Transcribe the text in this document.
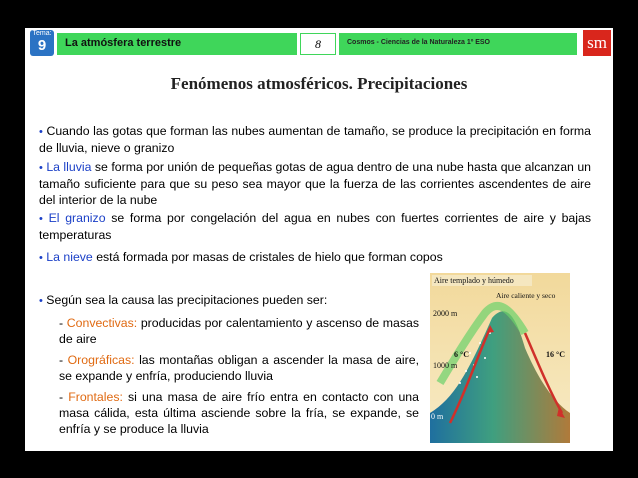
Tema:
9	La atmósfera terrestre	8	Cosmos - Ciencias de la Naturaleza 1º ESO	sm
Fenómenos atmosféricos. Precipitaciones
• Cuando las gotas que forman las nubes aumentan de tamaño, se produce la precipitación en forma de lluvia, nieve o granizo
• La lluvia se forma por unión de pequeñas gotas de agua dentro de una nube hasta que alcanzan un tamaño suficiente para que su peso sea mayor que la fuerza de las corrientes ascendentes de aire del interior de la nube
• El granizo se forma por congelación del agua en nubes con fuertes corrientes de aire y bajas temperaturas
• La nieve está formada por masas de cristales de hielo que forman copos
• Según sea la causa las precipitaciones pueden ser:
- Convectivas: producidas por calentamiento y ascenso de masas de aire
- Orográficas: las montañas obligan a ascender la masa de aire, se expande y enfría, produciendo lluvia
- Frontales: si una masa de aire frío entra en contacto con una masa cálida, esta última asciende sobre la fría, se expande, se enfría y se produce la lluvia
Aire templado y húmedo
Aire caliente y seco
2000 m
1000 m
0 m
6 °C	16 °C
